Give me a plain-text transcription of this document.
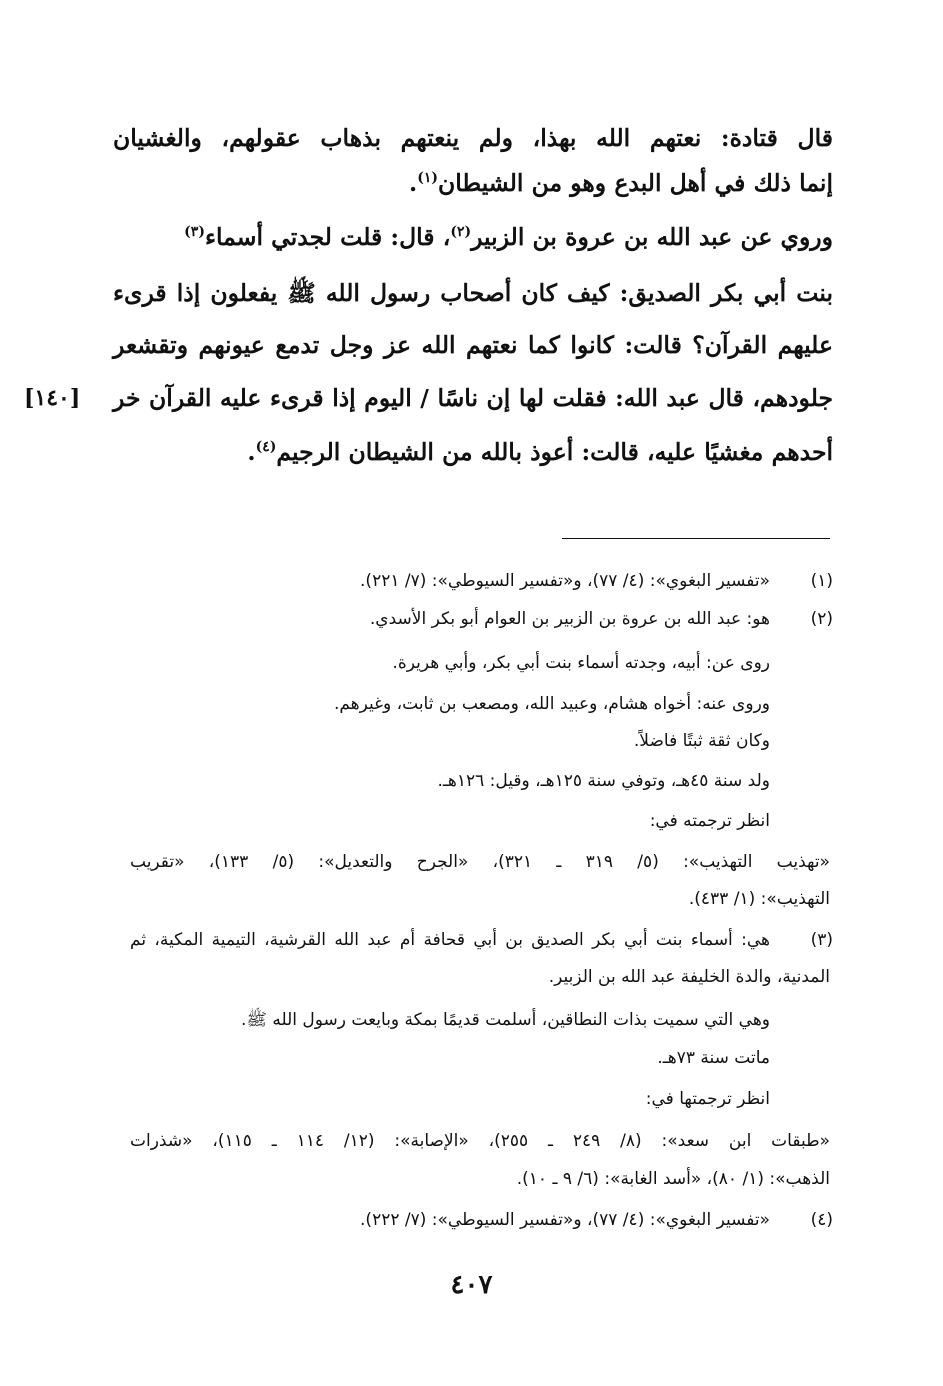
قال قتادة: نعتهم الله بهذا، ولم ينعتهم بذهاب عقولهم، والغشيان
إنما ذلك في أهل البدع وهو من الشيطان$^{(١)}$.
وروي عن عبد الله بن عروة بن الزبير$^{(٢)}$، قال: قلت لجدتي أسماء$^{(٣)}$
بنت أبي بكر الصديق: كيف كان أصحاب رسول الله ﷺ يفعلون إذا قرىء
عليهم القرآن؟ قالت: كانوا كما نعتهم الله عز وجل تدمع عيونهم وتقشعر
جلودهم، قال عبد الله: فقلت لها إن ناسًا / اليوم إذا قرىء عليه القرآن خر
أحدهم مغشيًا عليه، قالت: أعوذ بالله من الشيطان الرجيم$^{(٤)}$.
[١٤٠]
(١)
«تفسير البغوي»: (٤/ ٧٧)، و«تفسير السيوطي»: (٧/ ٢٢١).
(٢)
هو: عبد الله بن عروة بن الزبير بن العوام أبو بكر الأسدي.
روى عن: أبيه، وجدته أسماء بنت أبي بكر، وأبي هريرة.
وروى عنه: أخواه هشام، وعبيد الله، ومصعب بن ثابت، وغيرهم.
وكان ثقة ثبتًا فاضلاً.
ولد سنة ٤٥هـ، وتوفي سنة ١٢٥هـ، وقيل: ١٢٦هـ.
انظر ترجمته في:
«تهذيب التهذيب»: (٥/ ٣١٩ ـ ٣٢١)، «الجرح والتعديل»: (٥/ ١٣٣)، «تقريب
التهذيب»: (١/ ٤٣٣).
(٣)
هي: أسماء بنت أبي بكر الصديق بن أبي قحافة أم عبد الله القرشية، التيمية المكية، ثم
المدنية، والدة الخليفة عبد الله بن الزبير.
وهي التي سميت بذات النطاقين، أسلمت قديمًا بمكة وبايعت رسول الله ﷺ.
ماتت سنة ٧٣هـ.
انظر ترجمتها في:
«طبقات ابن سعد»: (٨/ ٢٤٩ ـ ٢٥٥)، «الإصابة»: (١٢/ ١١٤ ـ ١١٥)، «شذرات
الذهب»: (١/ ٨٠)، «أسد الغابة»: (٦/ ٩ ـ ١٠).
(٤)
«تفسير البغوي»: (٤/ ٧٧)، و«تفسير السيوطي»: (٧/ ٢٢٢).
٤٠٧
